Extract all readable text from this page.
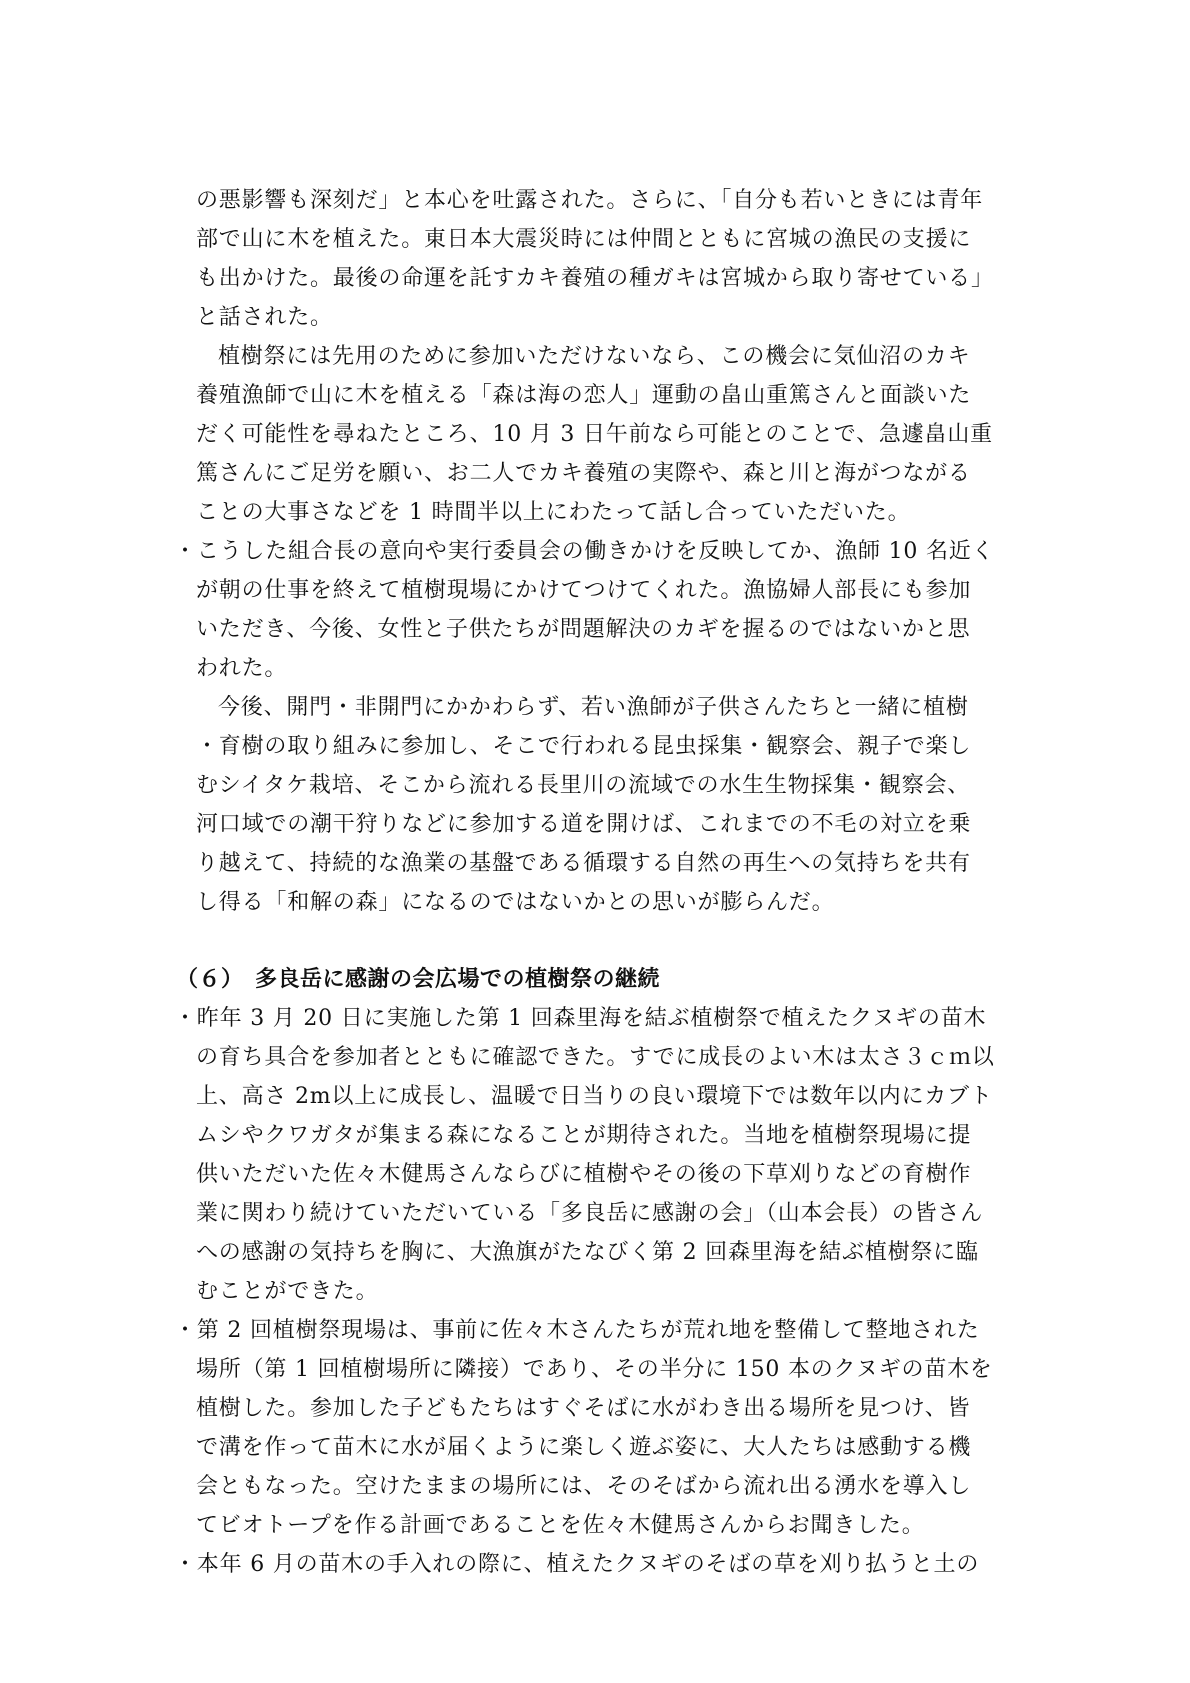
の悪影響も深刻だ」と本心を吐露された。さらに、「自分も若いときには青年
部で山に木を植えた。東日本大震災時には仲間とともに宮城の漁民の支援に
も出かけた。最後の命運を託すカキ養殖の種ガキは宮城から取り寄せている」
と話された。
植樹祭には先用のために参加いただけないなら、この機会に気仙沼のカキ
養殖漁師で山に木を植える「森は海の恋人」運動の畠山重篤さんと面談いた
だく可能性を尋ねたところ、10 月 3 日午前なら可能とのことで、急遽畠山重
篤さんにご足労を願い、お二人でカキ養殖の実際や、森と川と海がつながる
ことの大事さなどを 1 時間半以上にわたって話し合っていただいた。
・こうした組合長の意向や実行委員会の働きかけを反映してか、漁師 10 名近く
が朝の仕事を終えて植樹現場にかけてつけてくれた。漁協婦人部長にも参加
いただき、今後、女性と子供たちが問題解決のカギを握るのではないかと思
われた。
今後、開門・非開門にかかわらず、若い漁師が子供さんたちと一緒に植樹
・育樹の取り組みに参加し、そこで行われる昆虫採集・観察会、親子で楽し
むシイタケ栽培、そこから流れる長里川の流域での水生生物採集・観察会、
河口域での潮干狩りなどに参加する道を開けば、これまでの不毛の対立を乗
り越えて、持続的な漁業の基盤である循環する自然の再生への気持ちを共有
し得る「和解の森」になるのではないかとの思いが膨らんだ。
（６）　多良岳に感謝の会広場での植樹祭の継続
・昨年 3 月 20 日に実施した第 1 回森里海を結ぶ植樹祭で植えたクヌギの苗木
の育ち具合を参加者とともに確認できた。すでに成長のよい木は太さ３ｃｍ以
上、高さ 2m以上に成長し、温暖で日当りの良い環境下では数年以内にカブト
ムシやクワガタが集まる森になることが期待された。当地を植樹祭現場に提
供いただいた佐々木健馬さんならびに植樹やその後の下草刈りなどの育樹作
業に関わり続けていただいている「多良岳に感謝の会」（山本会長）の皆さん
への感謝の気持ちを胸に、大漁旗がたなびく第 2 回森里海を結ぶ植樹祭に臨
むことができた。
・第 2 回植樹祭現場は、事前に佐々木さんたちが荒れ地を整備して整地された
場所（第 1 回植樹場所に隣接）であり、その半分に 150 本のクヌギの苗木を
植樹した。参加した子どもたちはすぐそばに水がわき出る場所を見つけ、皆
で溝を作って苗木に水が届くように楽しく遊ぶ姿に、大人たちは感動する機
会ともなった。空けたままの場所には、そのそばから流れ出る湧水を導入し
てビオトープを作る計画であることを佐々木健馬さんからお聞きした。
・本年 6 月の苗木の手入れの際に、植えたクヌギのそばの草を刈り払うと土の
